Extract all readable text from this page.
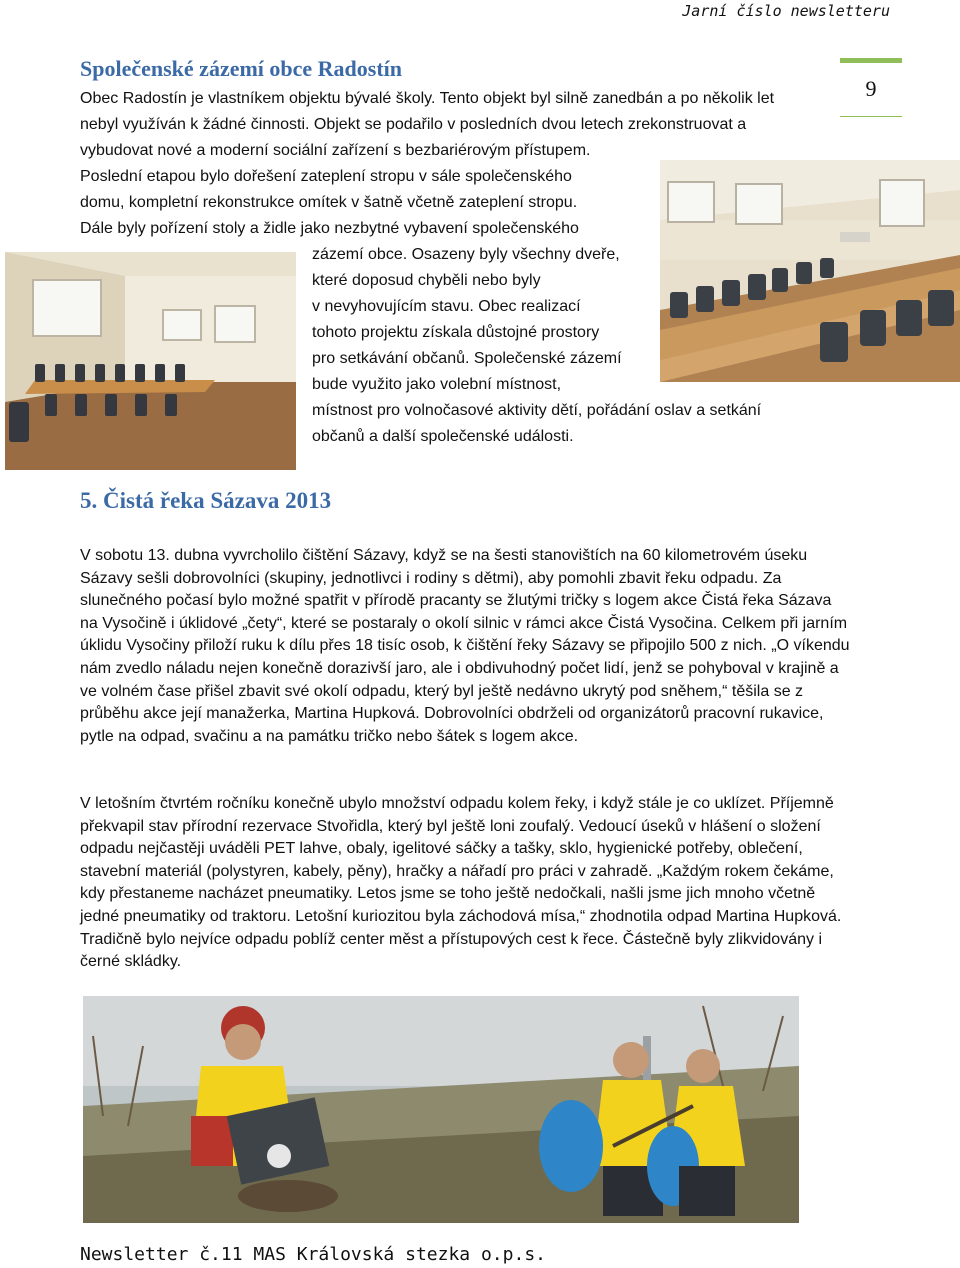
Jarní číslo newsletteru
9
Společenské zázemí obce Radostín
Obec Radostín je vlastníkem objektu bývalé školy. Tento objekt byl silně zanedbán a po několik let
nebyl využíván k žádné činnosti. Objekt se podařilo v posledních dvou letech zrekonstruovat a
vybudovat nové a moderní sociální zařízení s bezbariérovým přístupem.
Poslední etapou bylo dořešení zateplení stropu v sále společenského
domu, kompletní rekonstrukce omítek v šatně včetně zateplení stropu.
Dále byly pořízení stoly a židle jako nezbytné vybavení společenského
zázemí obce. Osazeny byly všechny dveře,
které doposud chyběli nebo byly
v nevyhovujícím stavu. Obec realizací
tohoto projektu získala důstojné prostory
pro setkávání občanů. Společenské zázemí
bude využito jako volební místnost,
místnost pro volnočasové aktivity dětí, pořádání oslav a setkání
občanů a další společenské události.
5. Čistá řeka Sázava 2013

V sobotu 13. dubna vyvrcholilo čištění Sázavy, když se na šesti stanovištích na 60 kilometrovém úseku Sázavy sešli dobrovolníci (skupiny, jednotlivci i rodiny s dětmi), aby pomohli zbavit řeku odpadu. Za slunečného počasí bylo možné spatřit v přírodě pracanty se žlutými tričky s logem akce Čistá řeka Sázava na Vysočině i úklidové „čety“, které se postaraly o okolí silnic v rámci akce Čistá Vysočina. Celkem při jarním úklidu Vysočiny přiloží ruku k dílu přes 18 tisíc osob, k čištění řeky Sázavy se připojilo 500 z nich. „O víkendu nám zvedlo náladu nejen konečně dorazivší jaro, ale i obdivuhodný počet lidí, jenž se pohyboval v krajině a ve volném čase přišel zbavit své okolí odpadu, který byl ještě nedávno ukrytý pod sněhem,“ těšila se z průběhu akce její manažerka, Martina Hupková. Dobrovolníci obdrželi od organizátorů pracovní rukavice, pytle na odpad, svačinu a na památku tričko nebo šátek s logem akce.

V letošním čtvrtém ročníku konečně ubylo množství odpadu kolem řeky, i když stále je co uklízet. Příjemně překvapil stav přírodní rezervace Stvořidla, který byl ještě loni zoufalý. Vedoucí úseků v hlášení o složení odpadu nejčastěji uváděli PET lahve, obaly, igelitové sáčky a tašky, sklo, hygienické potřeby, oblečení, stavební materiál (polystyren, kabely, pěny), hračky a nářadí pro práci v zahradě. „Každým rokem čekáme, kdy přestaneme nacházet pneumatiky. Letos jsme se toho ještě nedočkali, našli jsme jich mnoho včetně jedné pneumatiky od traktoru. Letošní kuriozitou byla záchodová mísa,“ zhodnotila odpad Martina Hupková. Tradičně bylo nejvíce odpadu poblíž center měst a přístupových cest k řece. Částečně byly zlikvidovány i černé skládky.

Newsletter č.11 MAS Královská stezka o.p.s.
